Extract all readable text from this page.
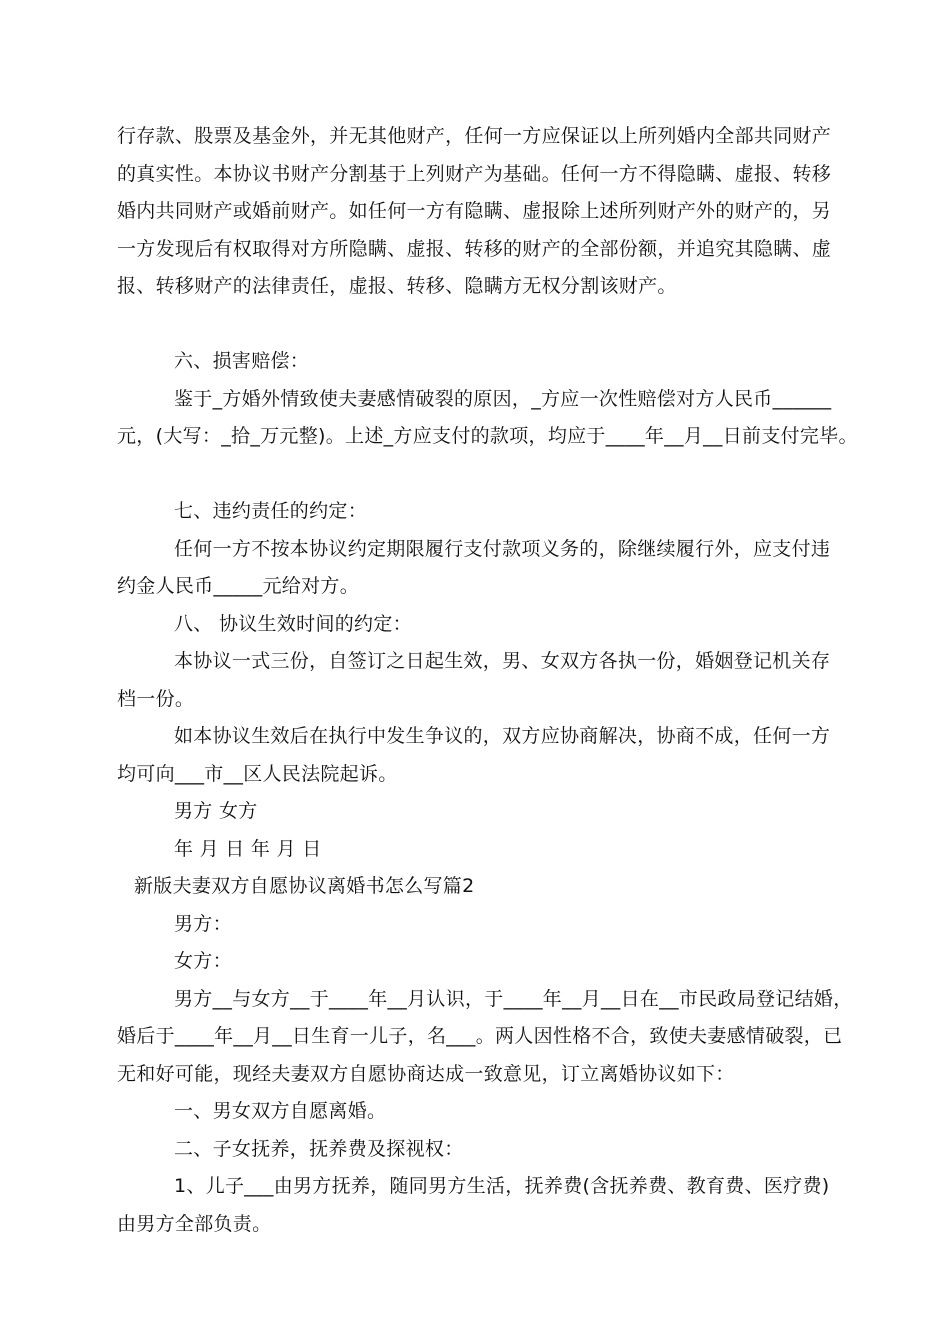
行存款、股票及基金外，并无其他财产，任何一方应保证以上所列婚内全部共同财产
的真实性。本协议书财产分割基于上列财产为基础。任何一方不得隐瞒、虚报、转移
婚内共同财产或婚前财产。如任何一方有隐瞒、虚报除上述所列财产外的财产的，另
一方发现后有权取得对方所隐瞒、虚报、转移的财产的全部份额，并追究其隐瞒、虚
报、转移财产的法律责任，虚报、转移、隐瞒方无权分割该财产。
六、损害赔偿：
鉴于_方婚外情致使夫妻感情破裂的原因，_方应一次性赔偿对方人民币______
元，(大写：_拾_万元整)。上述_方应支付的款项，均应于____年__月__日前支付完毕。
七、违约责任的约定：
任何一方不按本协议约定期限履行支付款项义务的，除继续履行外，应支付违
约金人民币_____元给对方。
八、 协议生效时间的约定：
本协议一式三份，自签订之日起生效，男、女双方各执一份，婚姻登记机关存
档一份。
如本协议生效后在执行中发生争议的，双方应协商解决，协商不成，任何一方
均可向___市__区人民法院起诉。
男方 女方
年 月 日 年 月 日
新版夫妻双方自愿协议离婚书怎么写篇2
男方：
女方：
男方__与女方__于____年__月认识，于____年__月__日在__市民政局登记结婚，
婚后于____年__月__日生育一儿子，名___。两人因性格不合，致使夫妻感情破裂，已
无和好可能，现经夫妻双方自愿协商达成一致意见，订立离婚协议如下：
一、男女双方自愿离婚。
二、子女抚养，抚养费及探视权：
1、儿子___由男方抚养，随同男方生活，抚养费(含抚养费、教育费、医疗费)
由男方全部负责。
